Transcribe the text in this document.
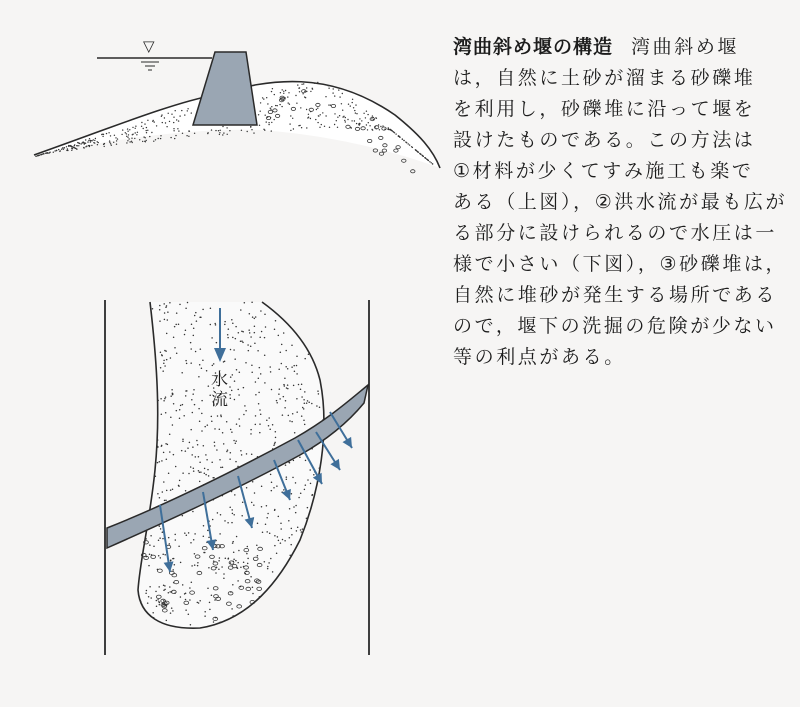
▽
水
流
湾曲斜め堰の構造 湾曲斜め堰
は，自然に土砂が溜まる砂礫堆
を利用し，砂礫堆に沿って堰を
設けたものである。この方法は
①材料が少くてすみ施工も楽で
ある（上図），②洪水流が最も広が
る部分に設けられるので水圧は一
様で小さい（下図），③砂礫堆は，
自然に堆砂が発生する場所である
ので，堰下の洗掘の危険が少ない
等の利点がある。
